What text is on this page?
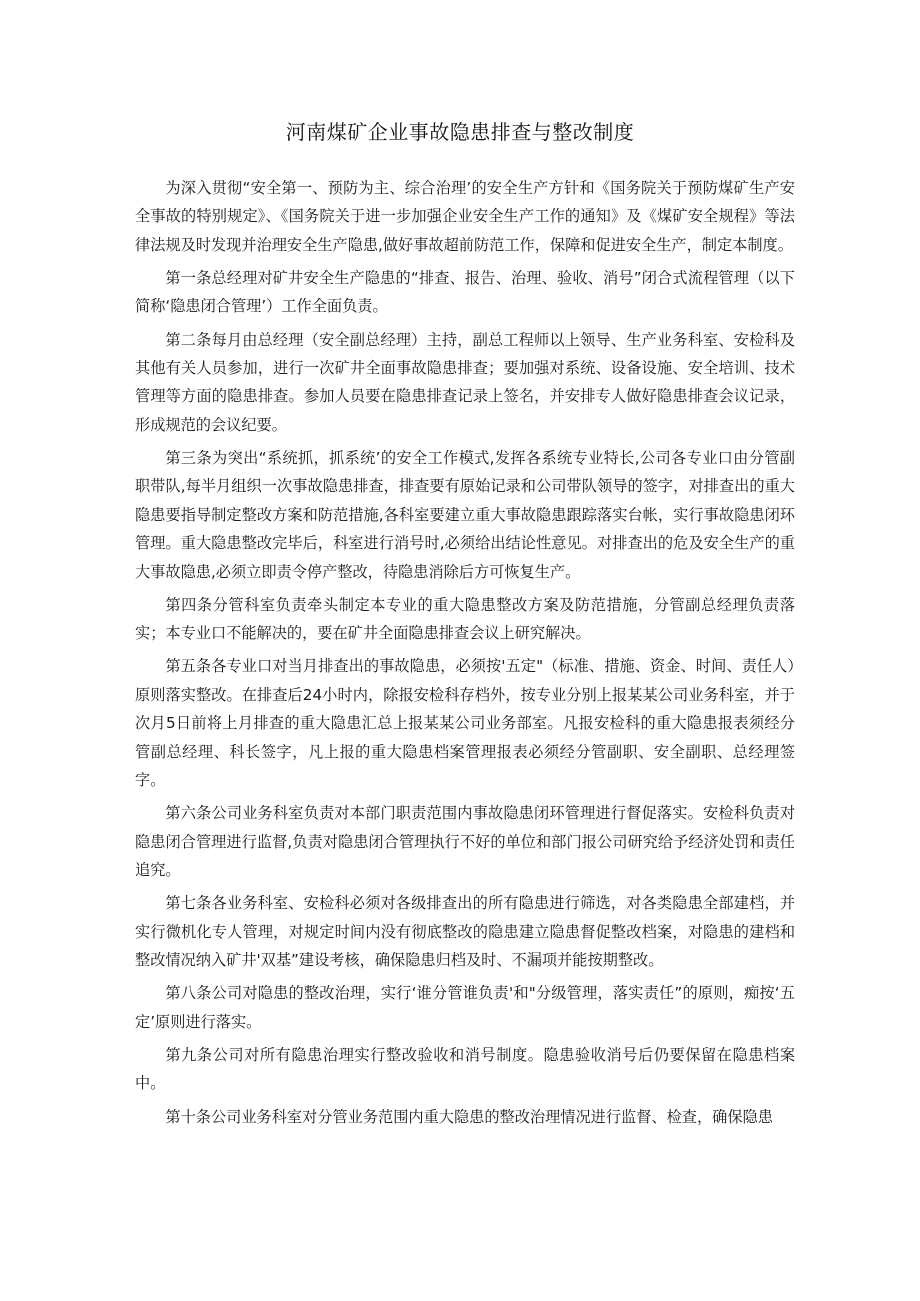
河南煤矿企业事故隐患排查与整改制度

为深入贯彻“安全第一、预防为主、综合治理’的安全生产方针和《国务院关于预防煤矿生产安全事故的特别规定》、《国务院关于进一步加强企业安全生产工作的通知》及《煤矿安全规程》等法律法规及时发现并治理安全生产隐患,做好事故超前防范工作，保障和促进安全生产，制定本制度。

第一条总经理对矿井安全生产隐患的“排查、报告、治理、验收、消号”闭合式流程管理（以下简称‘隐患闭合管理’）工作全面负责。

第二条每月由总经理（安全副总经理）主持，副总工程师以上领导、生产业务科室、安检科及其他有关人员参加，进行一次矿井全面事故隐患排查；要加强对系统、设备设施、安全培训、技术管理等方面的隐患排查。参加人员要在隐患排查记录上签名，并安排专人做好隐患排查会议记录，形成规范的会议纪要。

第三条为突出“系统抓，抓系统’的安全工作模式,发挥各系统专业特长,公司各专业口由分管副职带队,每半月组织一次事故隐患排查，排查要有原始记录和公司带队领导的签字，对排查出的重大隐患要指导制定整改方案和防范措施,各科室要建立重大事故隐患跟踪落实台帐，实行事故隐患闭环管理。重大隐患整改完毕后，科室进行消号时,必须给出结论性意见。对排查出的危及安全生产的重大事故隐患,必须立即责令停产整改，待隐患消除后方可恢复生产。

第四条分管科室负责牵头制定本专业的重大隐患整改方案及防范措施，分管副总经理负责落实；本专业口不能解决的，要在矿井全面隐患排查会议上研究解决。

第五条各专业口对当月排查出的事故隐患，必须按'五定"（标准、措施、资金、时间、责任人）原则落实整改。在排查后24小时内，除报安检科存档外，按专业分别上报某某公司业务科室，并于次月5日前将上月排查的重大隐患汇总上报某某公司业务部室。凡报安检科的重大隐患报表须经分管副总经理、科长签字，凡上报的重大隐患档案管理报表必须经分管副职、安全副职、总经理签字。

第六条公司业务科室负责对本部门职责范围内事故隐患闭环管理进行督促落实。安检科负责对隐患闭合管理进行监督,负责对隐患闭合管理执行不好的单位和部门报公司研究给予经济处罚和责任追究。

第七条各业务科室、安检科必须对各级排查出的所有隐患进行筛选，对各类隐患全部建档，并实行微机化专人管理，对规定时间内没有彻底整改的隐患建立隐患督促整改档案，对隐患的建档和整改情况纳入矿井'双基”建设考核，确保隐患归档及时、不漏项并能按期整改。

第八条公司对隐患的整改治理，实行‘谁分管谁负责'和"分级管理，落实责任”的原则，痴按‘五定’原则进行落实。

第九条公司对所有隐患治理实行整改验收和消号制度。隐患验收消号后仍要保留在隐患档案中。

第十条公司业务科室对分管业务范围内重大隐患的整改治理情况进行监督、检查，确保隐患
